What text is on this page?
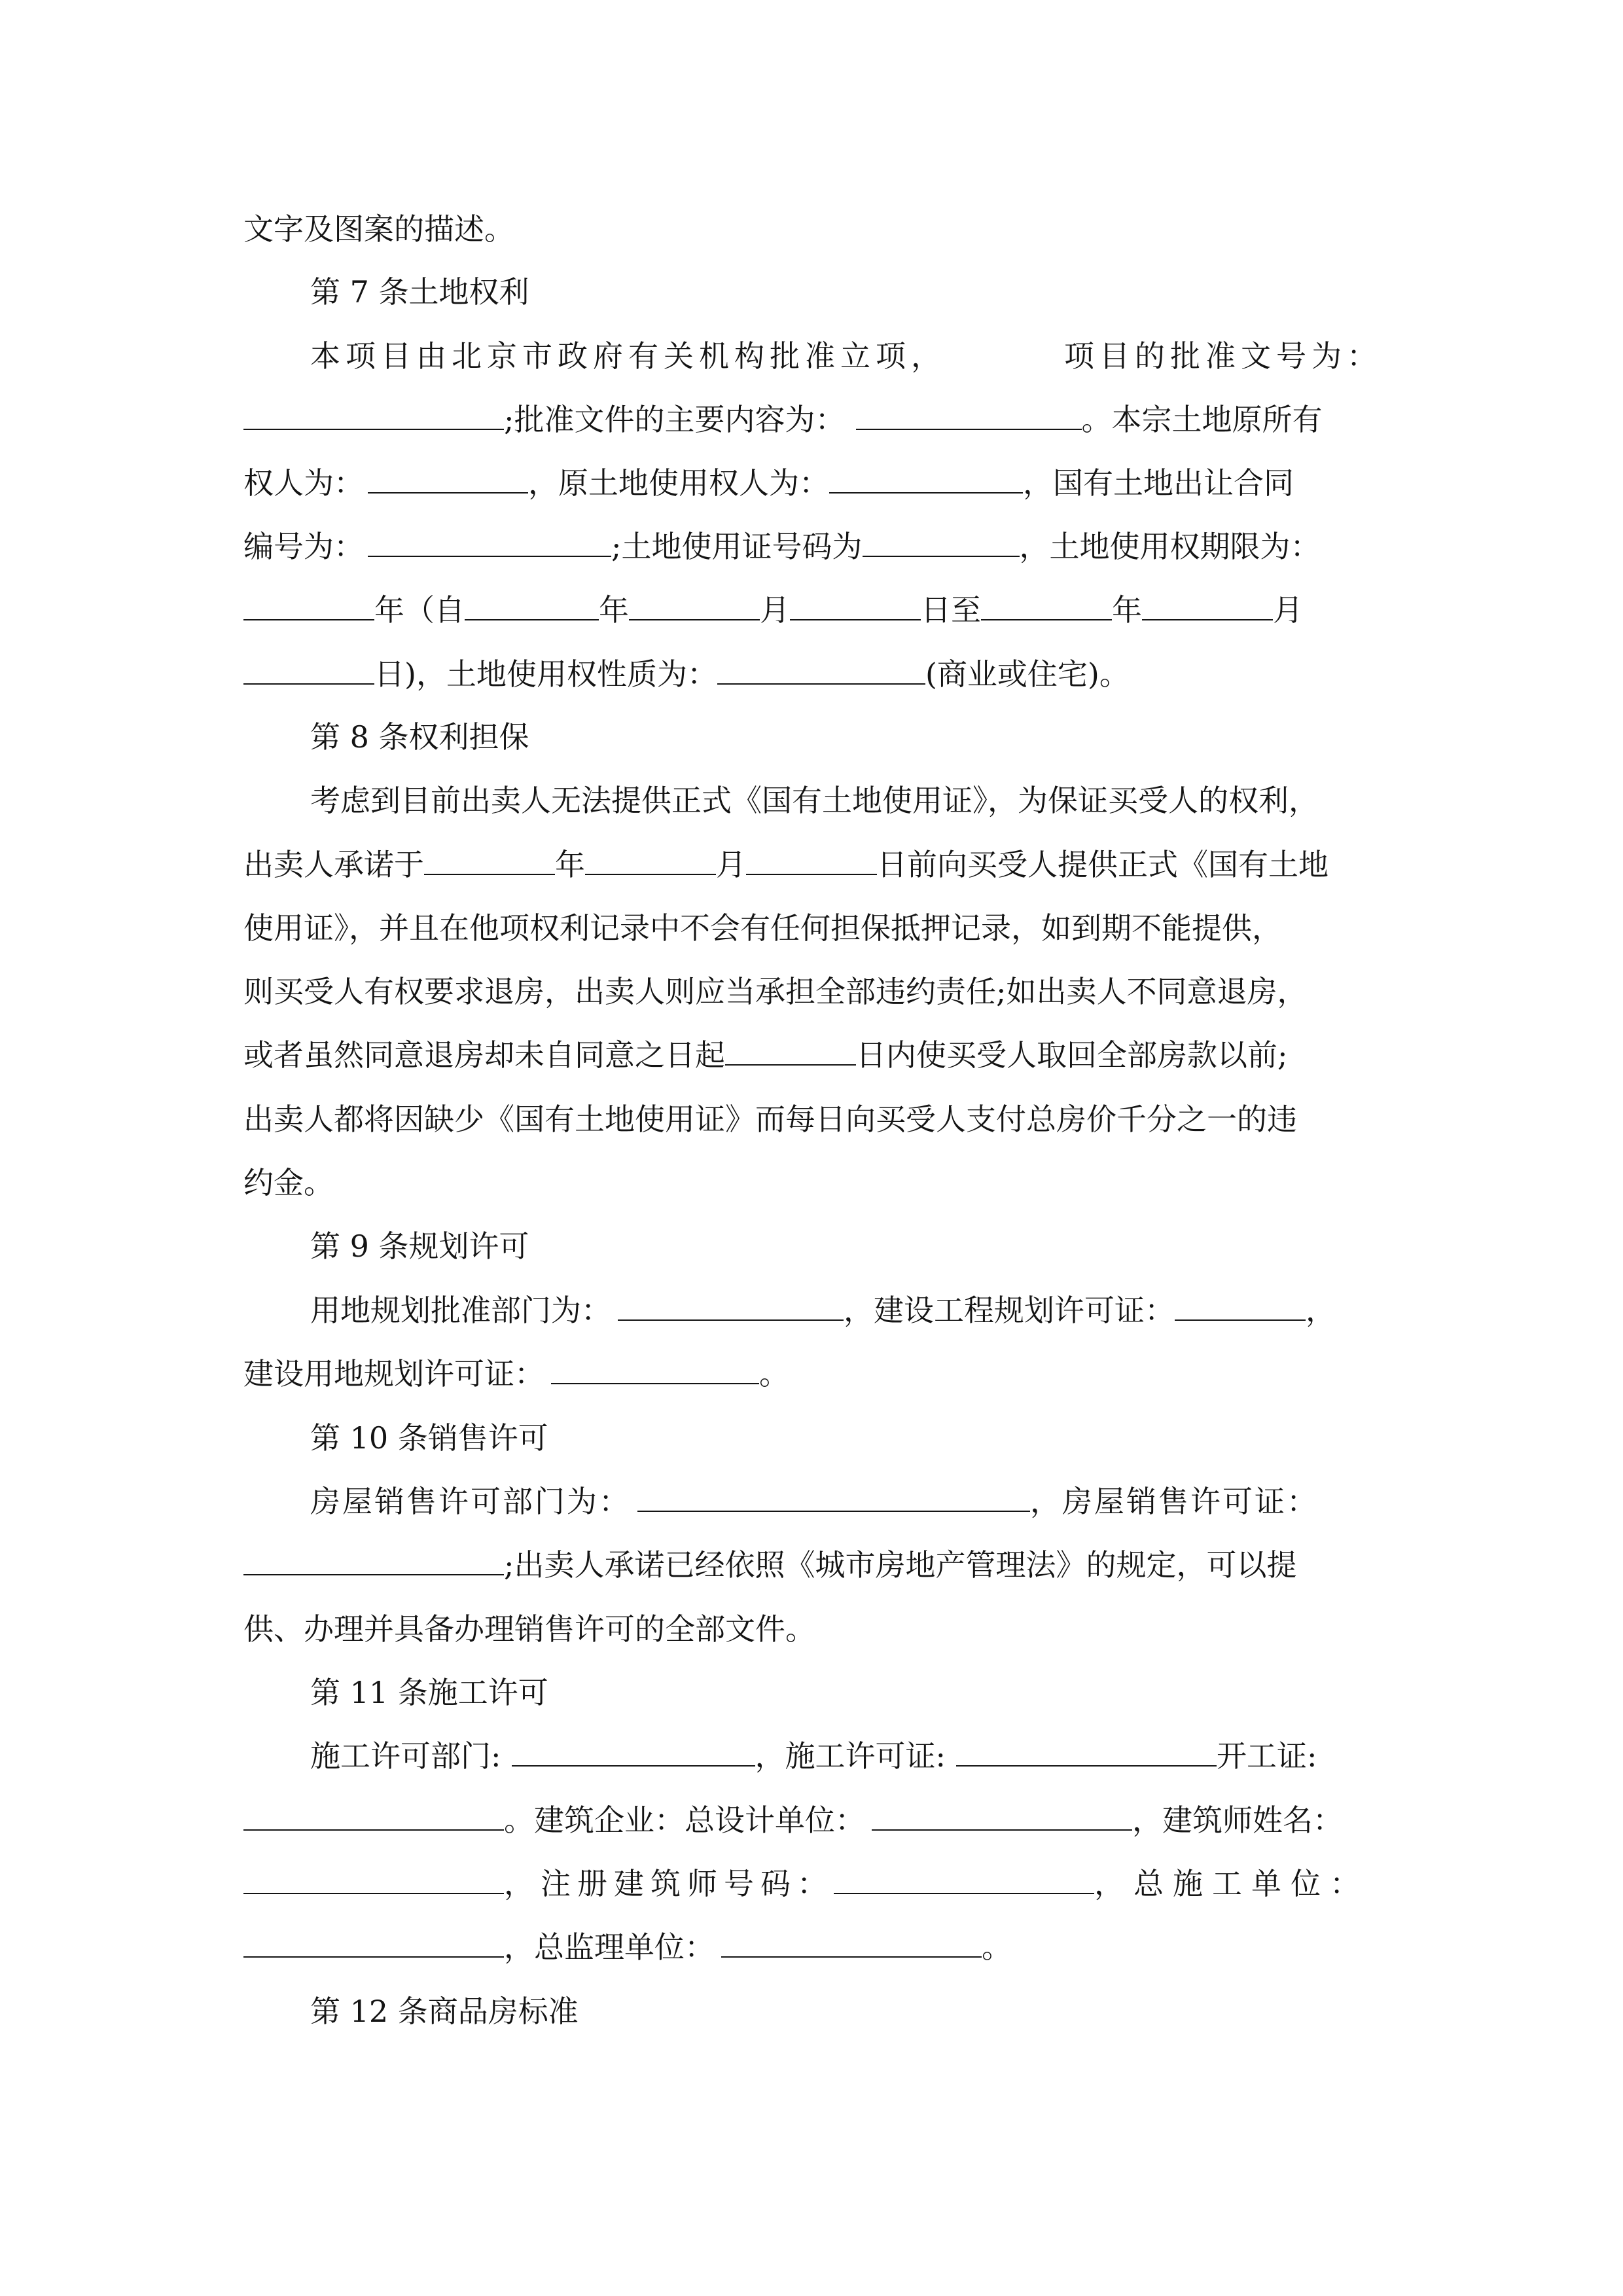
文字及图案的描述。
第 7 条土地权利
本项目由北京市政府有关机构批准立项，	项目的批准文号为：
;批准文件的主要内容为：	。本宗土地原所有
权人为：	，原土地使用权人为：	，国有土地出让合同
编号为：	;土地使用证号码为	，土地使用权期限为：
年（自	年	月	日至	年	月
日)，土地使用权性质为：	(商业或住宅)。
第 8 条权利担保
考虑到目前出卖人无法提供正式《国有土地使用证》，为保证买受人的权利，
出卖人承诺于	年	月	日前向买受人提供正式《国有土地
使用证》，并且在他项权利记录中不会有任何担保抵押记录，如到期不能提供，
则买受人有权要求退房，出卖人则应当承担全部违约责任;如出卖人不同意退房，
或者虽然同意退房却未自同意之日起	日内使买受人取回全部房款以前;
出卖人都将因缺少《国有土地使用证》而每日向买受人支付总房价千分之一的违
约金。
第 9 条规划许可
用地规划批准部门为：	，建设工程规划许可证：	，
建设用地规划许可证：	。
第 10 条销售许可
房屋销售许可部门为：	，房屋销售许可证：
;出卖人承诺已经依照《城市房地产管理法》的规定，可以提
供、办理并具备办理销售许可的全部文件。
第 11 条施工许可
施工许可部门:	，施工许可证:	开工证:
。建筑企业：总设计单位：	，建筑师姓名：
，注册建筑师号码：	，总施工单位：
，总监理单位：	。
第 12 条商品房标准
